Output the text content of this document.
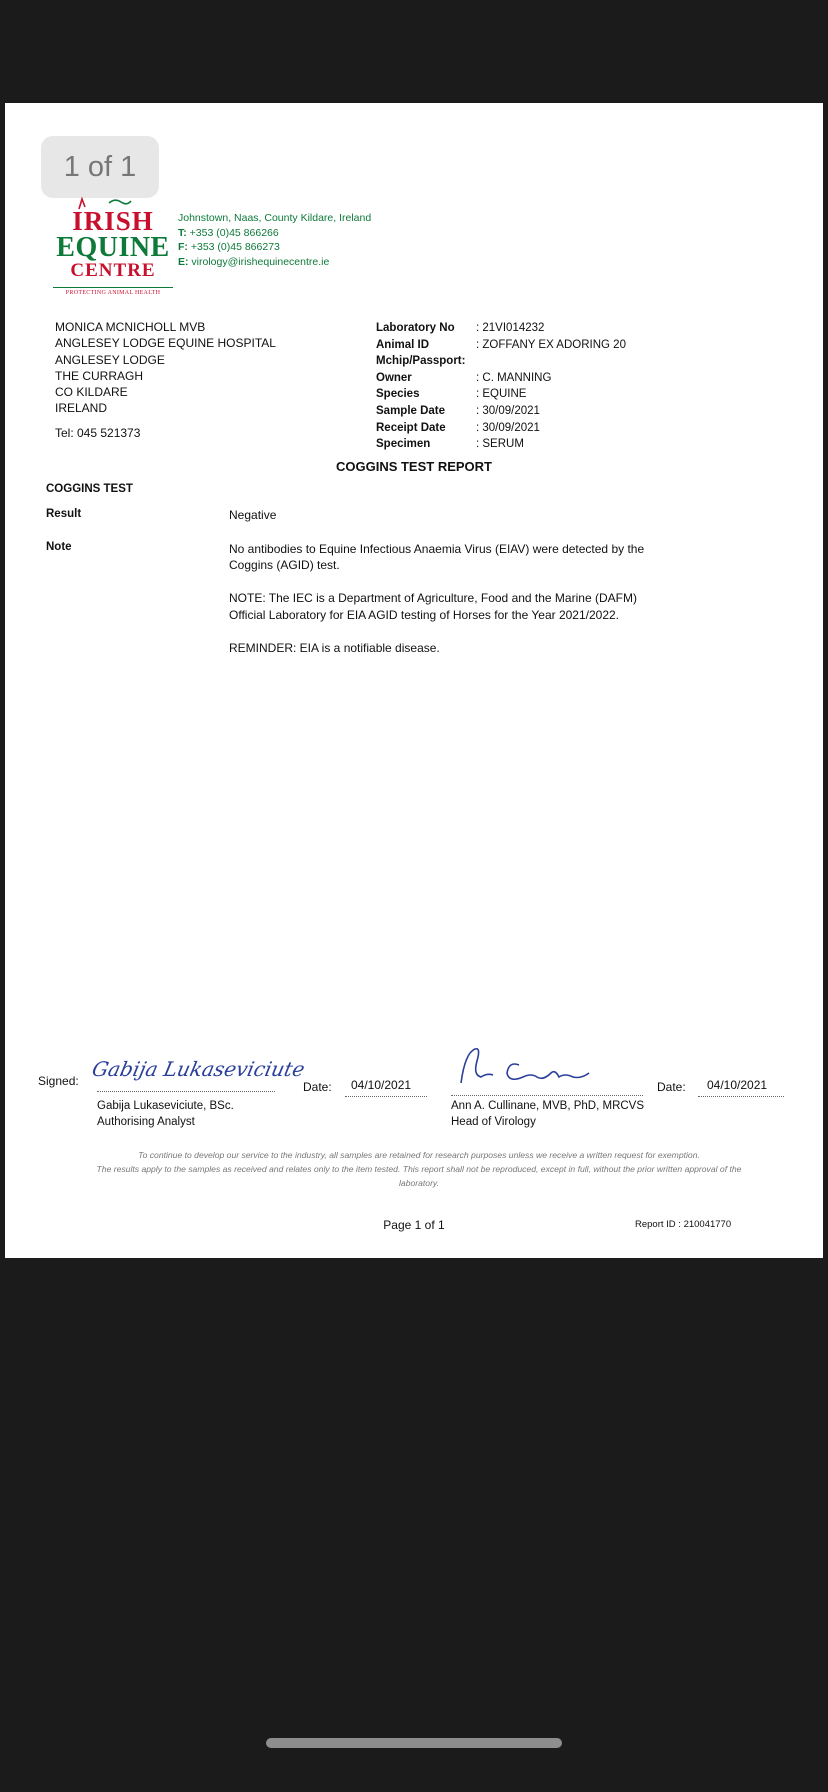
1 of 1
IRISH
EQUINE
CENTRE
PROTECTING ANIMAL HEALTH
Johnstown, Naas, County Kildare, Ireland
T: +353 (0)45 866266
F: +353 (0)45 866273
E: virology@irishequinecentre.ie
MONICA MCNICHOLL MVB
ANGLESEY LODGE EQUINE HOSPITAL
ANGLESEY LODGE
THE CURRAGH
CO KILDARE
IRELAND
Tel: 045 521373
Laboratory No : 21VI014232
Animal ID	: ZOFFANY EX ADORING 20
Mchip/Passport:
Owner	: C. MANNING
Species	: EQUINE
Sample Date	: 30/09/2021
Receipt Date	: 30/09/2021
Specimen	: SERUM
COGGINS TEST REPORT
COGGINS TEST
Result	Negative
Note	No antibodies to Equine Infectious Anaemia Virus (EIAV) were detected by the Coggins (AGID) test.

NOTE: The IEC is a Department of Agriculture, Food and the Marine (DAFM) Official Laboratory for EIA AGID testing of Horses for the Year 2021/2022.

REMINDER: EIA is a notifiable disease.

Signed:
Gabija Lukaseviciute
Date: 04/10/2021
Gabija Lukaseviciute, BSc.
Authorising Analyst
Date: 04/10/2021
Ann A. Cullinane, MVB, PhD, MRCVS
Head of Virology
To continue to develop our service to the industry, all samples are retained for research purposes unless we receive a written request for exemption.
The results apply to the samples as received and relates only to the item tested. This report shall not be reproduced, except in full, without the prior written approval of the laboratory.
Page 1 of 1	Report ID : 210041770
